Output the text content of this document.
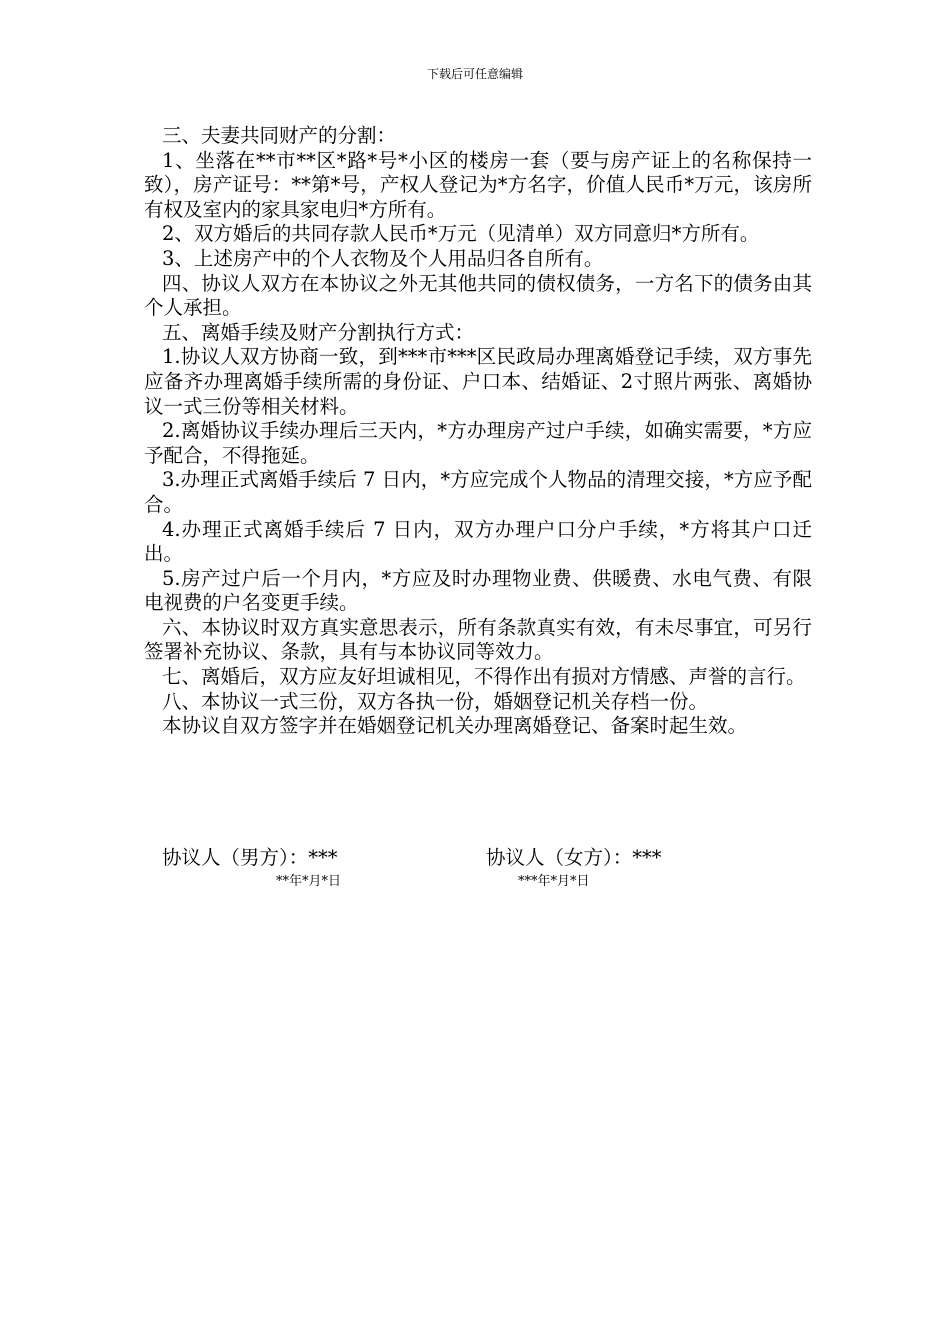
下载后可任意编辑

三、夫妻共同财产的分割：

1、坐落在**市**区*路*号*小区的楼房一套（要与房产证上的名称保持一致），房产证号：**第*号，产权人登记为*方名字，价值人民币*万元，该房所有权及室内的家具家电归*方所有。

2、双方婚后的共同存款人民币*万元（见清单）双方同意归*方所有。

3、上述房产中的个人衣物及个人用品归各自所有。

四、协议人双方在本协议之外无其他共同的债权债务，一方名下的债务由其个人承担。

五、离婚手续及财产分割执行方式：

1.协议人双方协商一致，到***市***区民政局办理离婚登记手续，双方事先应备齐办理离婚手续所需的身份证、户口本、结婚证、2寸照片两张、离婚协议一式三份等相关材料。

2.离婚协议手续办理后三天内，*方办理房产过户手续，如确实需要，*方应予配合，不得拖延。

3.办理正式离婚手续后 7 日内，*方应完成个人物品的清理交接，*方应予配合。

4.办理正式离婚手续后 7 日内，双方办理户口分户手续，*方将其户口迁出。

5.房产过户后一个月内，*方应及时办理物业费、供暖费、水电气费、有限电视费的户名变更手续。

六、本协议时双方真实意思表示，所有条款真实有效，有未尽事宜，可另行签署补充协议、条款，具有与本协议同等效力。

七、离婚后，双方应友好坦诚相见，不得作出有损对方情感、声誉的言行。

八、本协议一式三份，双方各执一份，婚姻登记机关存档一份。

本协议自双方签字并在婚姻登记机关办理离婚登记、备案时起生效。

协议人（男方）：***	协议人（女方）：***
**年*月*日	***年*月*日
